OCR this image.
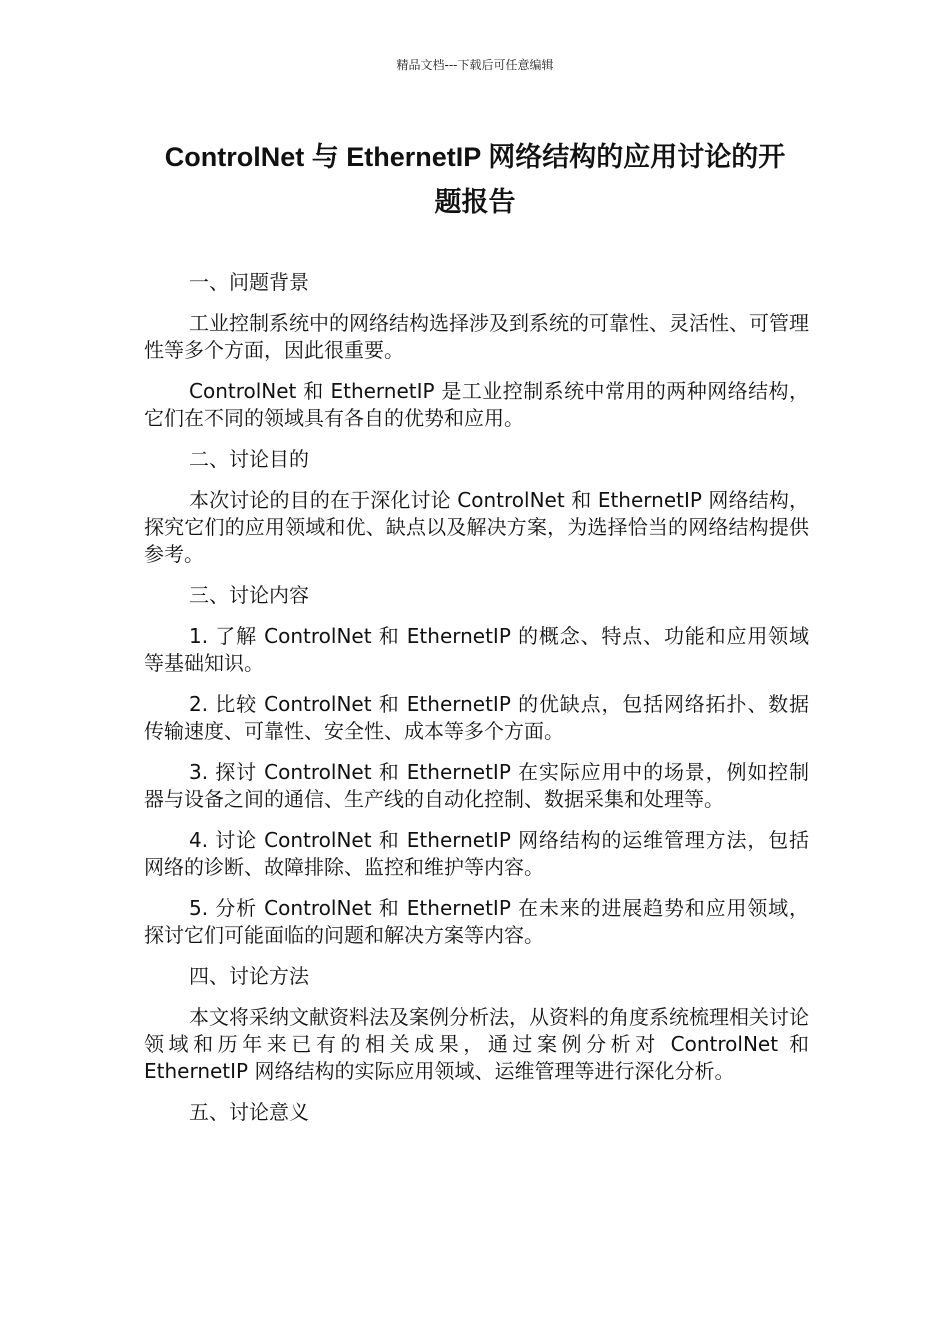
精品文档---下载后可任意编辑
ControlNet 与 EthernetIP 网络结构的应用讨论的开
题报告

一、问题背景

工业控制系统中的网络结构选择涉及到系统的可靠性、灵活性、可管理性等多个方面，因此很重要。

ControlNet 和 EthernetIP 是工业控制系统中常用的两种网络结构，它们在不同的领域具有各自的优势和应用。

二、讨论目的

本次讨论的目的在于深化讨论 ControlNet 和 EthernetIP 网络结构，探究它们的应用领域和优、缺点以及解决方案，为选择恰当的网络结构提供参考。

三、讨论内容

1. 了解 ControlNet 和 EthernetIP 的概念、特点、功能和应用领域等基础知识。

2. 比较 ControlNet 和 EthernetIP 的优缺点，包括网络拓扑、数据传输速度、可靠性、安全性、成本等多个方面。

3. 探讨 ControlNet 和 EthernetIP 在实际应用中的场景，例如控制器与设备之间的通信、生产线的自动化控制、数据采集和处理等。

4. 讨论 ControlNet 和 EthernetIP 网络结构的运维管理方法，包括网络的诊断、故障排除、监控和维护等内容。

5. 分析 ControlNet 和 EthernetIP 在未来的进展趋势和应用领域，探讨它们可能面临的问题和解决方案等内容。

四、讨论方法

本文将采纳文献资料法及案例分析法，从资料的角度系统梳理相关讨论领域和历年来已有的相关成果，通过案例分析对 ControlNet 和 EthernetIP 网络结构的实际应用领域、运维管理等进行深化分析。

五、讨论意义
